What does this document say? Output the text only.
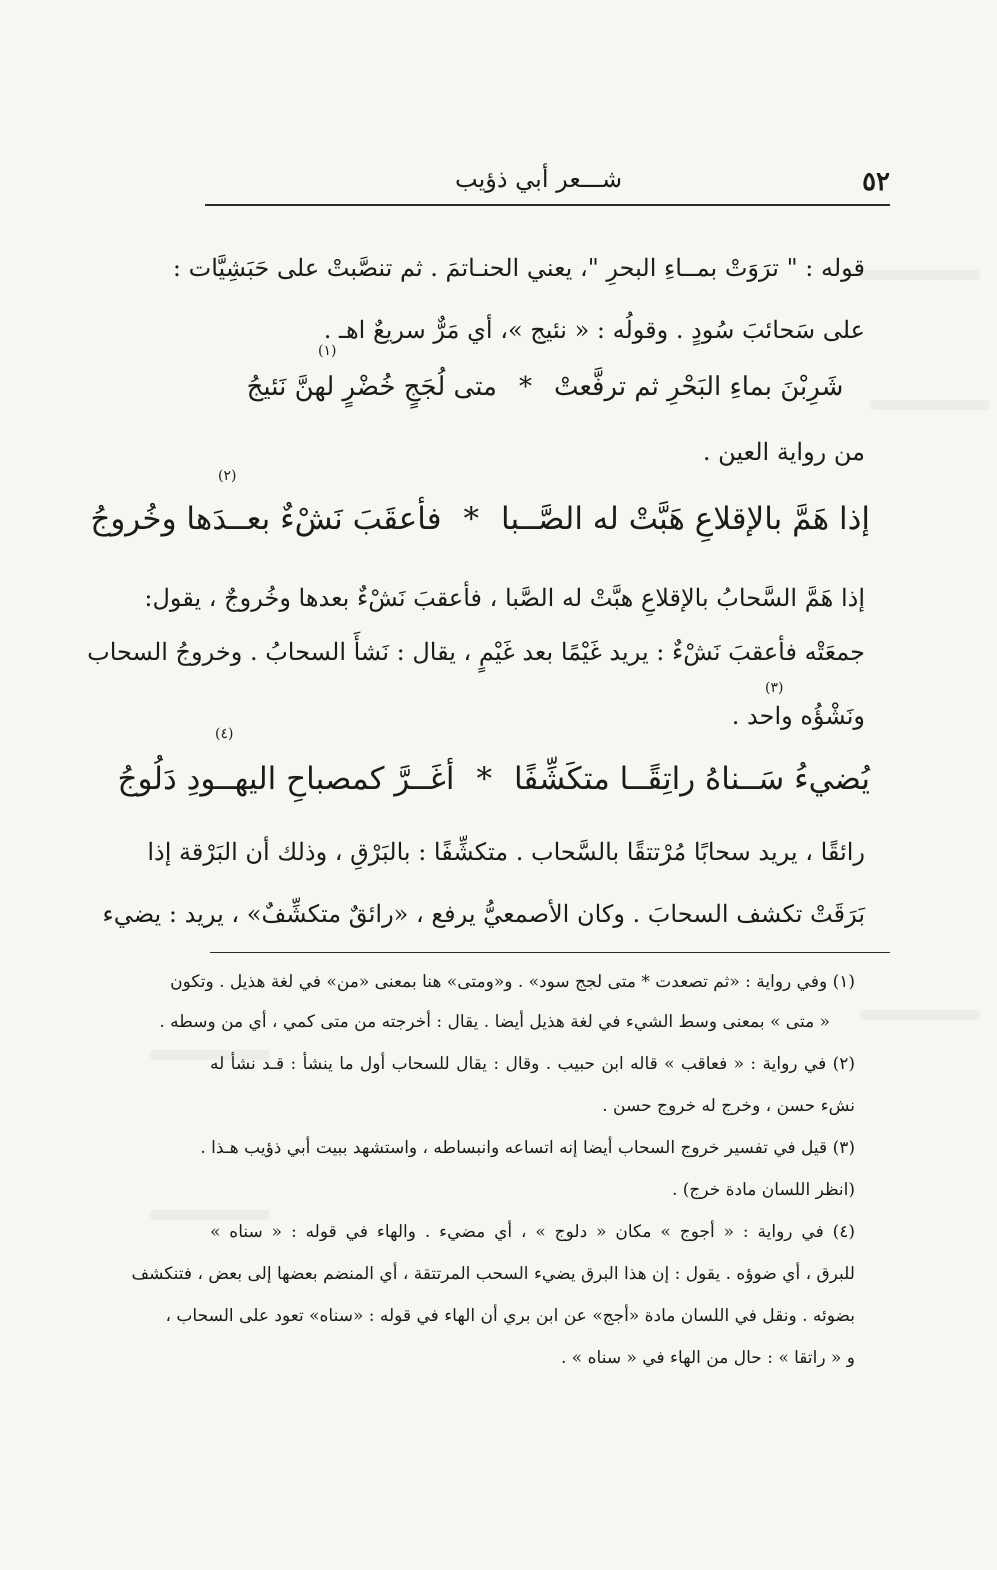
٥٢
شـــعر أبي ذؤيب
قوله : " ترَوَتْ بمــاءِ البحرِ "، يعني الحنـاتمَ . ثم تنصَّبتْ على حَبَشِيَّات :
على سَحائبَ سُودٍ . وقولُه : « نئيج »، أي مَرٌّ سريعٌ اهـ .
(١)
شَرِبْنَ بماءِ البَحْرِ ثم ترفَّعتْ*متى لُجَجٍ خُضْرٍ لهنَّ نَئيجُ
من رواية العين .
(٢)
إذا هَمَّ بالإقلاعِ هَبَّتْ له الصَّــبا*فأعقَبَ نَشْءٌ بعــدَها وخُروجُ
إذا هَمَّ السَّحابُ بالإقلاعِ هبَّتْ له الصَّبا ، فأعقبَ نَشْءٌ بعدها وخُروجٌ ، يقول:
جمعَتْه فأعقبَ نَشْءٌ : يريد غَيْمًا بعد غَيْمٍ ، يقال : نَشأَ السحابُ . وخروجُ السحاب
(٣)
ونَشْؤُه واحد .
(٤)
يُضيءُ سَــناهُ راتِقًــا متكَشِّفًا*أغَــرَّ كمصباحِ اليهــودِ دَلُوجُ
رائقًا ، يريد سحابًا مُرْتتقًا بالسَّحاب . متكشِّفًا : بالبَرْقِ ، وذلك أن البَرْقة إذا
بَرَقَتْ تكشف السحابَ . وكان الأصمعيُّ يرفع ، «رائقٌ متكشِّفٌ» ، يريد : يضيء
(١) وفي رواية : «ثم تصعدت * متى لجج سود» . و«ومتى» هنا بمعنى «من» في لغة هذيل . وتكون
« متى » بمعنى وسط الشيء في لغة هذيل أيضا . يقال : أخرجته من متى كمي ، أي من وسطه .
(٢) في رواية : « فعاقب » قاله ابن حبيب . وقال : يقال للسحاب أول ما ينشأ : قـد نشأ له
نشء حسن ، وخرج له خروج حسن .
(٣) قيل في تفسير خروج السحاب أيضا إنه اتساعه وانبساطه ، واستشهد ببيت أبي ذؤيب هـذا .
(انظر اللسان مادة خرج) .
(٤) في رواية : « أجوج » مكان « دلوج » ، أي مضيء . والهاء في قوله : « سناه »
للبرق ، أي ضوؤه . يقول : إن هذا البرق يضيء السحب المرتتقة ، أي المنضم بعضها إلى بعض ، فتنكشف
بضوئه . ونقل في اللسان مادة «أجج» عن ابن بري أن الهاء في قوله : «سناه» تعود على السحاب ،
و « راتقا » : حال من الهاء في « سناه » .
